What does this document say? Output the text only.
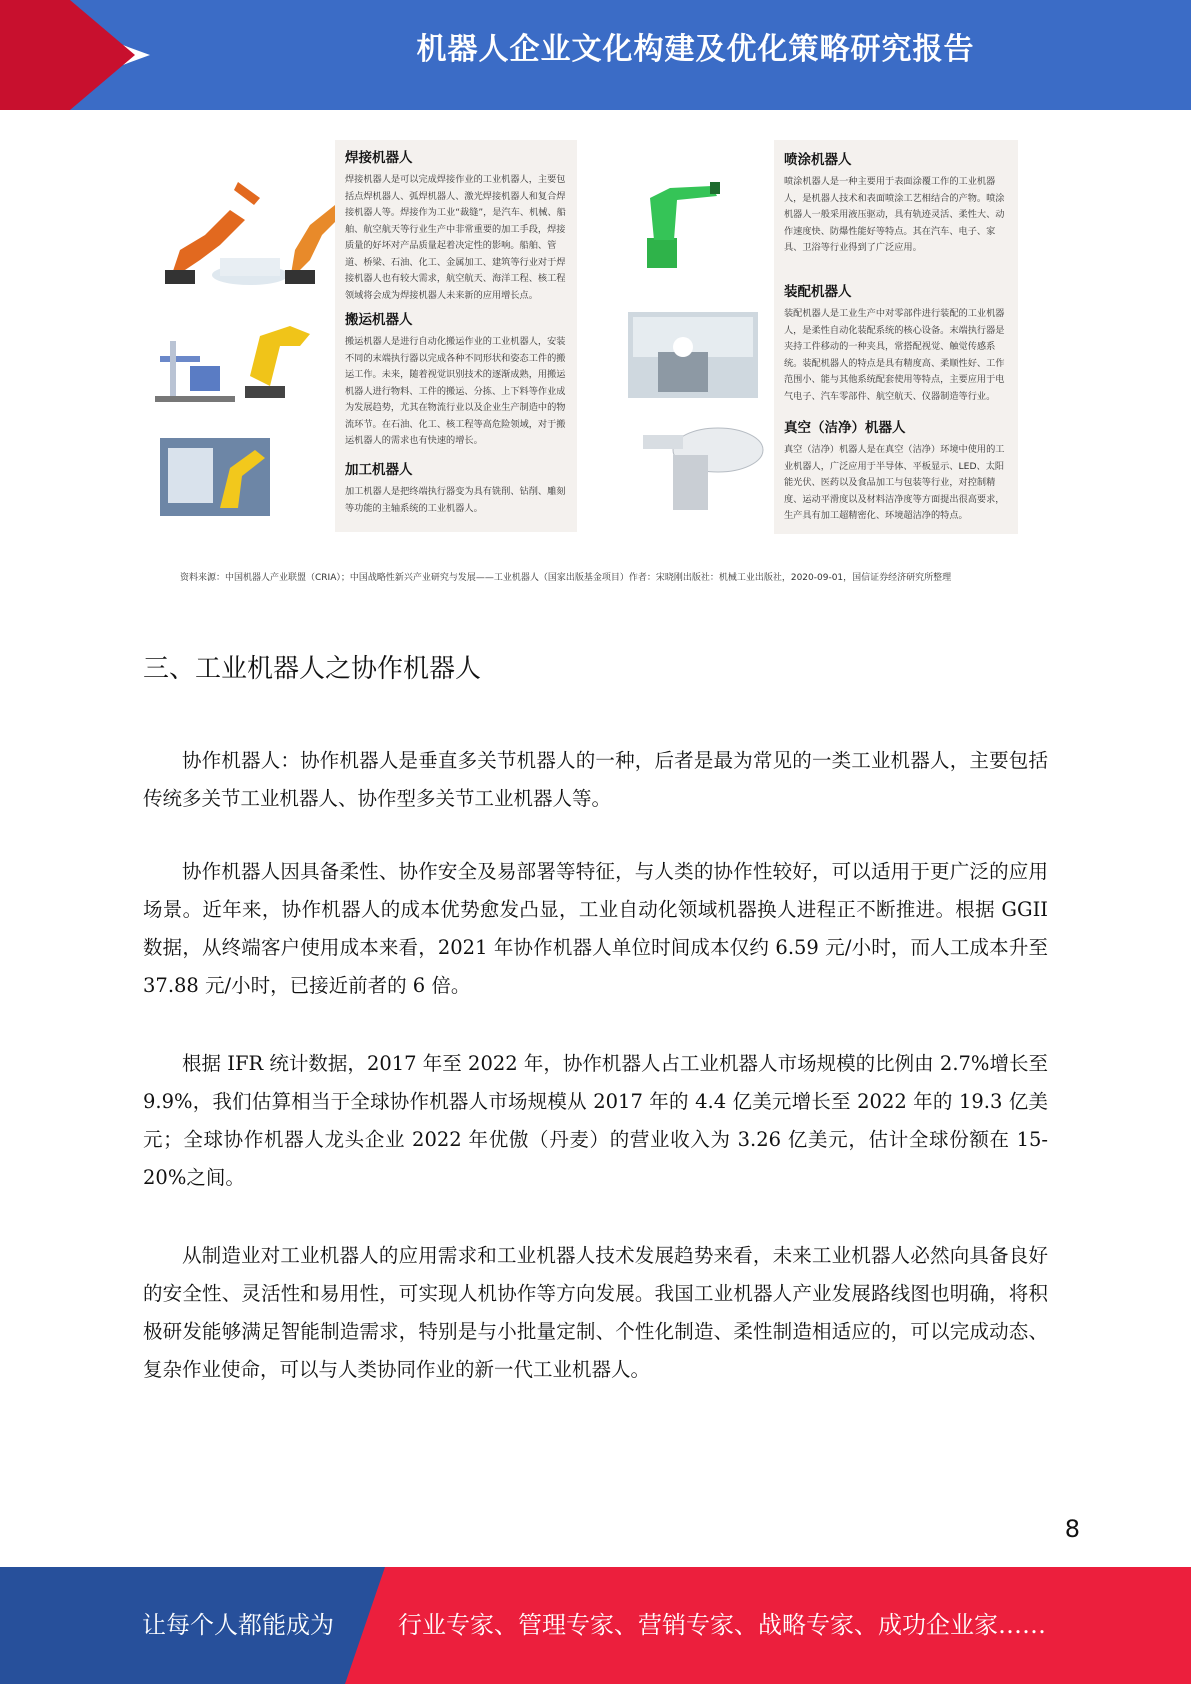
机器人企业文化构建及优化策略研究报告
焊接机器人
焊接机器人是可以完成焊接作业的工业机器人，主要包括点焊机器人、弧焊机器人、激光焊接机器人和复合焊接机器人等。焊接作为工业“裁缝”，是汽车、机械、船舶、航空航天等行业生产中非常重要的加工手段，焊接质量的好坏对产品质量起着决定性的影响。船舶、管道、桥梁、石油、化工、金属加工、建筑等行业对于焊接机器人也有较大需求，航空航天、海洋工程、核工程领域将会成为焊接机器人未来新的应用增长点。
搬运机器人
搬运机器人是进行自动化搬运作业的工业机器人，安装不同的末端执行器以完成各种不同形状和姿态工件的搬运工作。未来，随着视觉识别技术的逐渐成熟，用搬运机器人进行物料、工件的搬运、分拣、上下料等作业成为发展趋势，尤其在物流行业以及企业生产制造中的物流环节。在石油、化工、核工程等高危险领域，对于搬运机器人的需求也有快速的增长。
加工机器人
加工机器人是把终端执行器变为具有铣削、钻削、雕刻等功能的主轴系统的工业机器人。
喷涂机器人
喷涂机器人是一种主要用于表面涂覆工作的工业机器人，是机器人技术和表面喷涂工艺相结合的产物。喷涂机器人一般采用液压驱动，具有轨迹灵活、柔性大、动作速度快、防爆性能好等特点。其在汽车、电子、家具、卫浴等行业得到了广泛应用。
装配机器人
装配机器人是工业生产中对零部件进行装配的工业机器人，是柔性自动化装配系统的核心设备。末端执行器是夹持工件移动的一种夹具，常搭配视觉、触觉传感系统。装配机器人的特点是具有精度高、柔顺性好、工作范围小、能与其他系统配套使用等特点，主要应用于电气电子、汽车零部件、航空航天、仪器制造等行业。
真空（洁净）机器人
真空（洁净）机器人是在真空（洁净）环境中使用的工业机器人，广泛应用于半导体、平板显示、LED、太阳能光伏、医药以及食品加工与包装等行业，对控制精度、运动平滑度以及材料洁净度等方面提出很高要求，生产具有加工超精密化、环境超洁净的特点。
资料来源：中国机器人产业联盟（CRIA）；中国战略性新兴产业研究与发展——工业机器人（国家出版基金项目）作者：宋晓刚出版社：机械工业出版社，2020-09-01，国信证券经济研究所整理
三、工业机器人之协作机器人
协作机器人：协作机器人是垂直多关节机器人的一种，后者是最为常见的一类工业机器人，主要包括传统多关节工业机器人、协作型多关节工业机器人等。
协作机器人因具备柔性、协作安全及易部署等特征，与人类的协作性较好，可以适用于更广泛的应用场景。近年来，协作机器人的成本优势愈发凸显，工业自动化领域机器换人进程正不断推进。根据 GGII 数据，从终端客户使用成本来看，2021 年协作机器人单位时间成本仅约 6.59 元/小时，而人工成本升至 37.88 元/小时，已接近前者的 6 倍。
根据 IFR 统计数据，2017 年至 2022 年，协作机器人占工业机器人市场规模的比例由 2.7%增长至 9.9%，我们估算相当于全球协作机器人市场规模从 2017 年的 4.4 亿美元增长至 2022 年的 19.3 亿美元；全球协作机器人龙头企业 2022 年优傲（丹麦）的营业收入为 3.26 亿美元，估计全球份额在 15-20%之间。
从制造业对工业机器人的应用需求和工业机器人技术发展趋势来看，未来工业机器人必然向具备良好的安全性、灵活性和易用性，可实现人机协作等方向发展。我国工业机器人产业发展路线图也明确，将积极研发能够满足智能制造需求，特别是与小批量定制、个性化制造、柔性制造相适应的，可以完成动态、复杂作业使命，可以与人类协同作业的新一代工业机器人。
8
让每个人都能成为	行业专家、管理专家、营销专家、战略专家、成功企业家……
